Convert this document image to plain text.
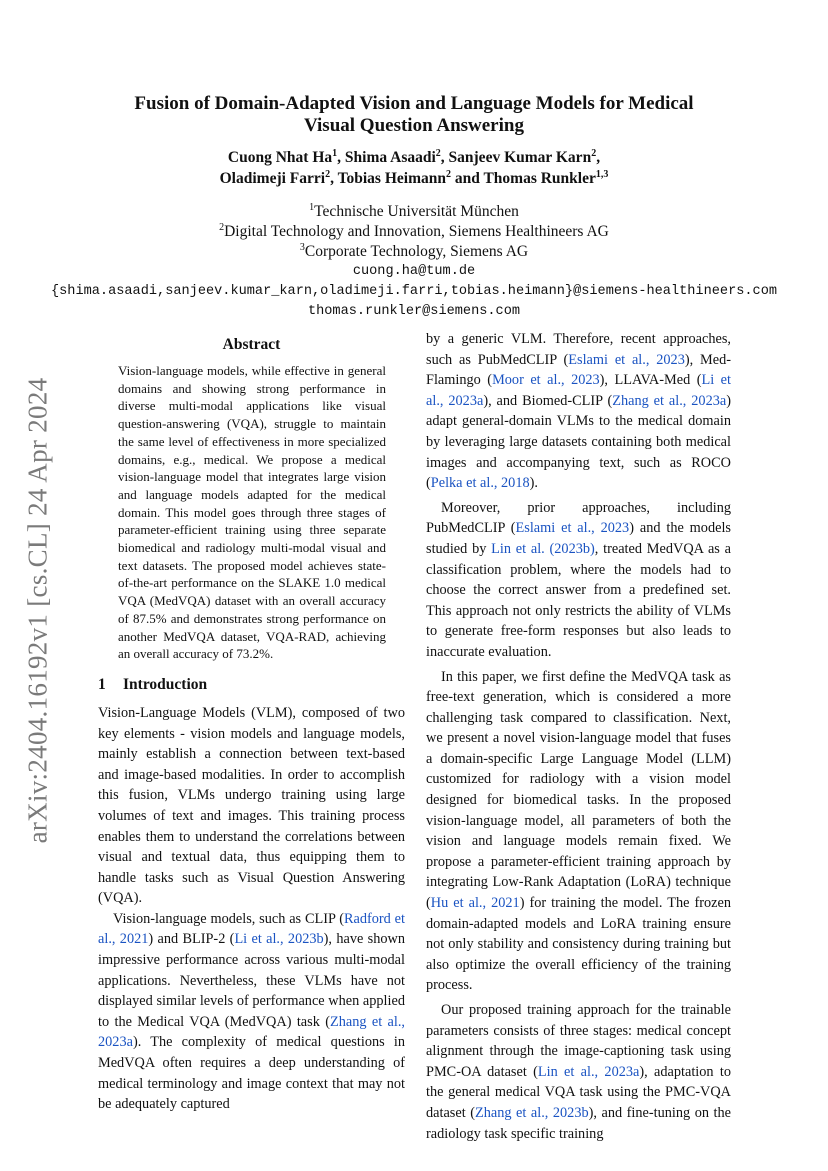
arXiv:2404.16192v1 [cs.CL] 24 Apr 2024
Fusion of Domain-Adapted Vision and Language Models for Medical
Visual Question Answering
Cuong Nhat Ha$^1$, Shima Asaadi$^2$, Sanjeev Kumar Karn$^2$,
Oladimeji Farri$^2$, Tobias Heimann$^2$ and Thomas Runkler$^{1,3}$
$^1$Technische Universität München
$^2$Digital Technology and Innovation, Siemens Healthineers AG
$^3$Corporate Technology, Siemens AG
cuong.ha@tum.de
{shima.asaadi,sanjeev.kumar_karn,oladimeji.farri,tobias.heimann}@siemens-healthineers.com
thomas.runkler@siemens.com
Abstract

Vision-language models, while effective in general domains and showing strong performance in diverse multi-modal applications like visual question-answering (VQA), struggle to maintain the same level of effectiveness in more specialized domains, e.g., medical. We propose a medical vision-language model that integrates large vision and language models adapted for the medical domain. This model goes through three stages of parameter-efficient training using three separate biomedical and radiology multi-modal visual and text datasets. The proposed model achieves state-of-the-art performance on the SLAKE 1.0 medical VQA (MedVQA) dataset with an overall accuracy of 87.5% and demonstrates strong performance on another MedVQA dataset, VQA-RAD, achieving an overall accuracy of 73.2%.

1 Introduction

Vision-Language Models (VLM), composed of two key elements - vision models and language models, mainly establish a connection between text-based and image-based modalities. In order to accomplish this fusion, VLMs undergo training using large volumes of text and images. This training process enables them to understand the correlations between visual and textual data, thus equipping them to handle tasks such as Visual Question Answering (VQA).

Vision-language models, such as CLIP (Radford et al., 2021) and BLIP-2 (Li et al., 2023b), have shown impressive performance across various multi-modal applications. Nevertheless, these VLMs have not displayed similar levels of performance when applied to the Medical VQA (MedVQA) task (Zhang et al., 2023a). The complexity of medical questions in MedVQA often requires a deep understanding of medical terminology and image context that may not be adequately captured

by a generic VLM. Therefore, recent approaches, such as PubMedCLIP (Eslami et al., 2023), Med-Flamingo (Moor et al., 2023), LLAVA-Med (Li et al., 2023a), and Biomed-CLIP (Zhang et al., 2023a) adapt general-domain VLMs to the medical domain by leveraging large datasets containing both medical images and accompanying text, such as ROCO (Pelka et al., 2018).

Moreover, prior approaches, including PubMedCLIP (Eslami et al., 2023) and the models studied by Lin et al. (2023b), treated MedVQA as a classification problem, where the models had to choose the correct answer from a predefined set. This approach not only restricts the ability of VLMs to generate free-form responses but also leads to inaccurate evaluation.

In this paper, we first define the MedVQA task as free-text generation, which is considered a more challenging task compared to classification. Next, we present a novel vision-language model that fuses a domain-specific Large Language Model (LLM) customized for radiology with a vision model designed for biomedical tasks. In the proposed vision-language model, all parameters of both the vision and language models remain fixed. We propose a parameter-efficient training approach by integrating Low-Rank Adaptation (LoRA) technique (Hu et al., 2021) for training the model. The frozen domain-adapted models and LoRA training ensure not only stability and consistency during training but also optimize the overall efficiency of the training process.

Our proposed training approach for the trainable parameters consists of three stages: medical concept alignment through the image-captioning task using PMC-OA dataset (Lin et al., 2023a), adaptation to the general medical VQA task using the PMC-VQA dataset (Zhang et al., 2023b), and fine-tuning on the radiology task specific training
